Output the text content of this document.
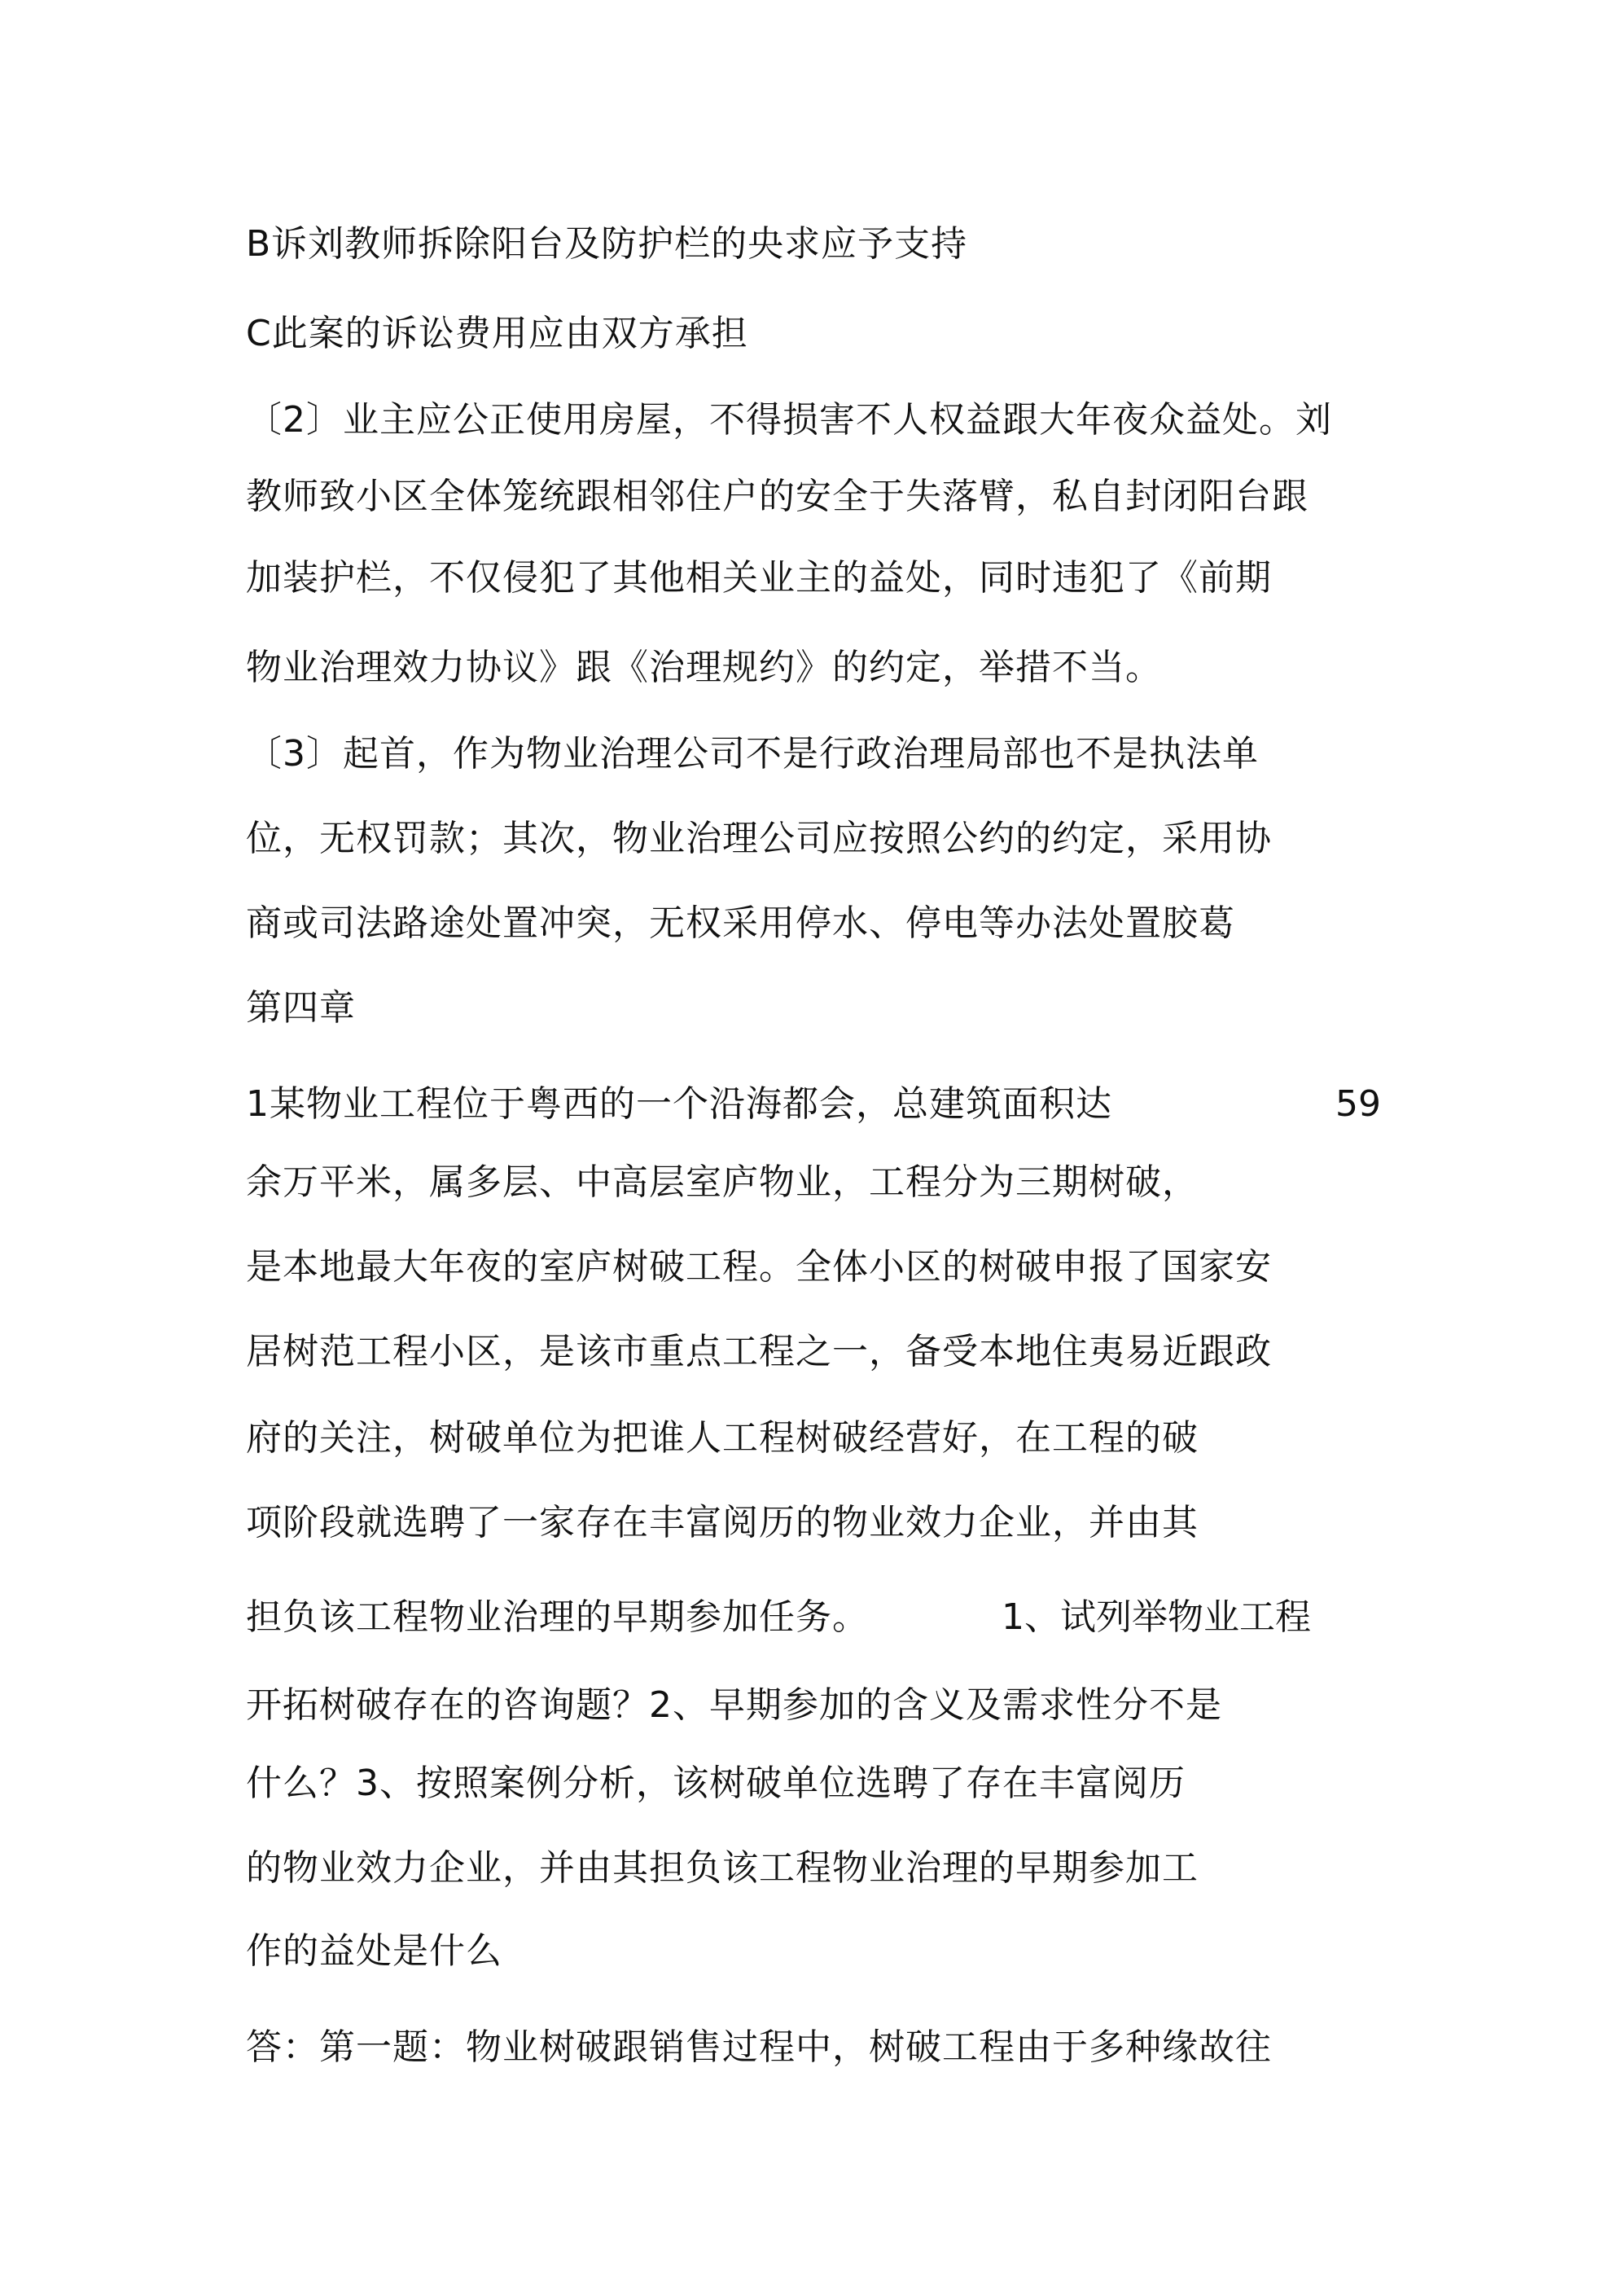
B诉刘教师拆除阳台及防护栏的央求应予支持
C此案的诉讼费用应由双方承担
〔2〕业主应公正使用房屋，不得损害不人权益跟大年夜众益处。刘
教师致小区全体笼统跟相邻住户的安全于失落臂，私自封闭阳台跟
加装护栏，不仅侵犯了其他相关业主的益处，同时违犯了《前期
物业治理效力协议》跟《治理规约》的约定，举措不当。
〔3〕起首，作为物业治理公司不是行政治理局部也不是执法单
位，无权罚款；其次，物业治理公司应按照公约的约定，采用协
商或司法路途处置冲突，无权采用停水、停电等办法处置胶葛
第四章
1某物业工程位于粤西的一个沿海都会，总建筑面积达	59
余万平米，属多层、中高层室庐物业，工程分为三期树破，
是本地最大年夜的室庐树破工程。全体小区的树破申报了国家安
居树范工程小区，是该市重点工程之一，备受本地住夷易近跟政
府的关注，树破单位为把谁人工程树破经营好，在工程的破
项阶段就选聘了一家存在丰富阅历的物业效力企业，并由其
担负该工程物业治理的早期参加任务。	1、试列举物业工程
开拓树破存在的咨询题？2、早期参加的含义及需求性分不是
什么？3、按照案例分析，该树破单位选聘了存在丰富阅历
的物业效力企业，并由其担负该工程物业治理的早期参加工
作的益处是什么
答：第一题：物业树破跟销售过程中，树破工程由于多种缘故往
